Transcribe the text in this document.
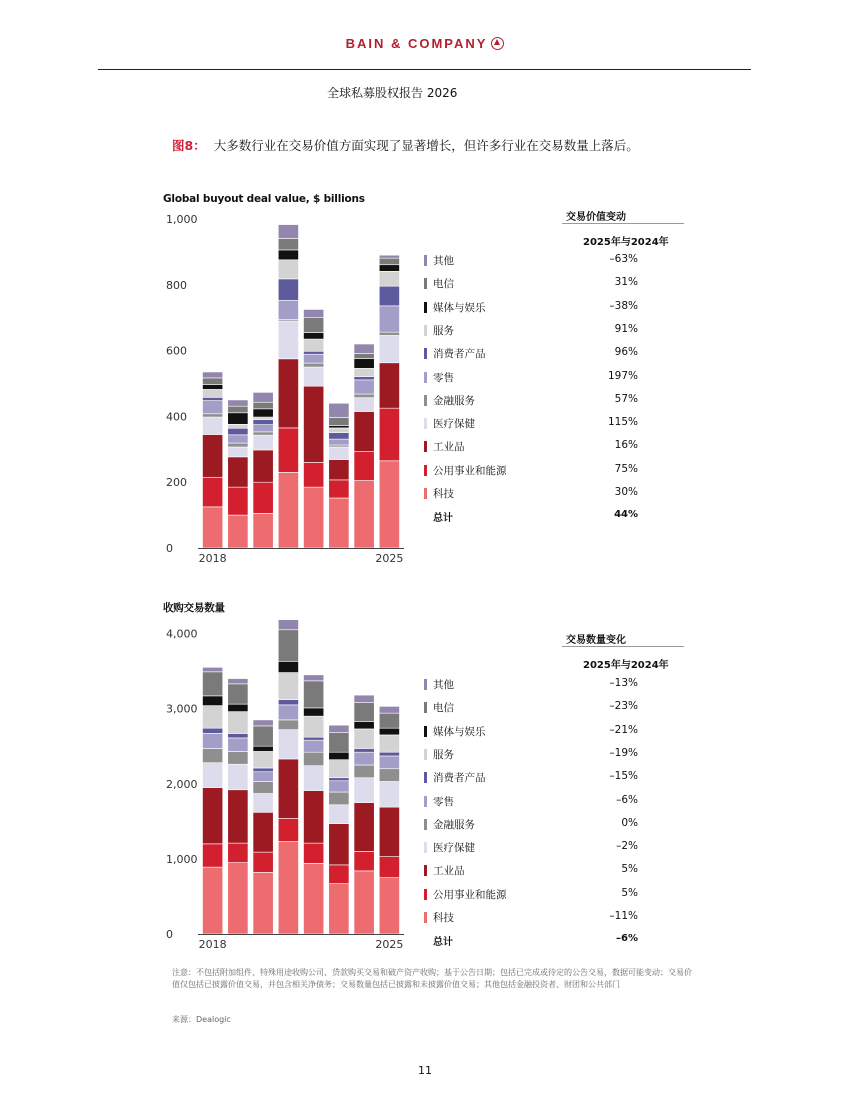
BAIN & COMPANY
全球私募股权报告 2026
图8： 大多数行业在交易价值方面实现了显著增长，但许多行业在交易数量上落后。
Global buyout deal value, $ billions
0
200
400
600
800
1,000
2018	2025
交易价值变动
2025年与2024年
其他	–63%
电信	31%
媒体与娱乐	–38%
服务	91%
消费者产品	96%
零售	197%
金融服务	57%
医疗保健	115%
工业品	16%
公用事业和能源	75%
科技	30%
总计	44%
收购交易数量
0
1,000
2,000
3,000
4,000
2018	2025
交易数量变化
2025年与2024年
其他	–13%
电信	–23%
媒体与娱乐	–21%
服务	–19%
消费者产品	–15%
零售	–6%
金融服务	0%
医疗保健	–2%
工业品	5%
公用事业和能源	5%
科技	–11%
总计	–6%
注意：不包括附加组件、特殊用途收购公司、贷款购买交易和破产资产收购；基于公告日期；包括已完成或待定的公告交易，数据可能变动；交易价值仅包括已披露价值交易，并包含相关净债务；交易数量包括已披露和未披露价值交易；其他包括金融投资者、财团和公共部门
来源：Dealogic
11
